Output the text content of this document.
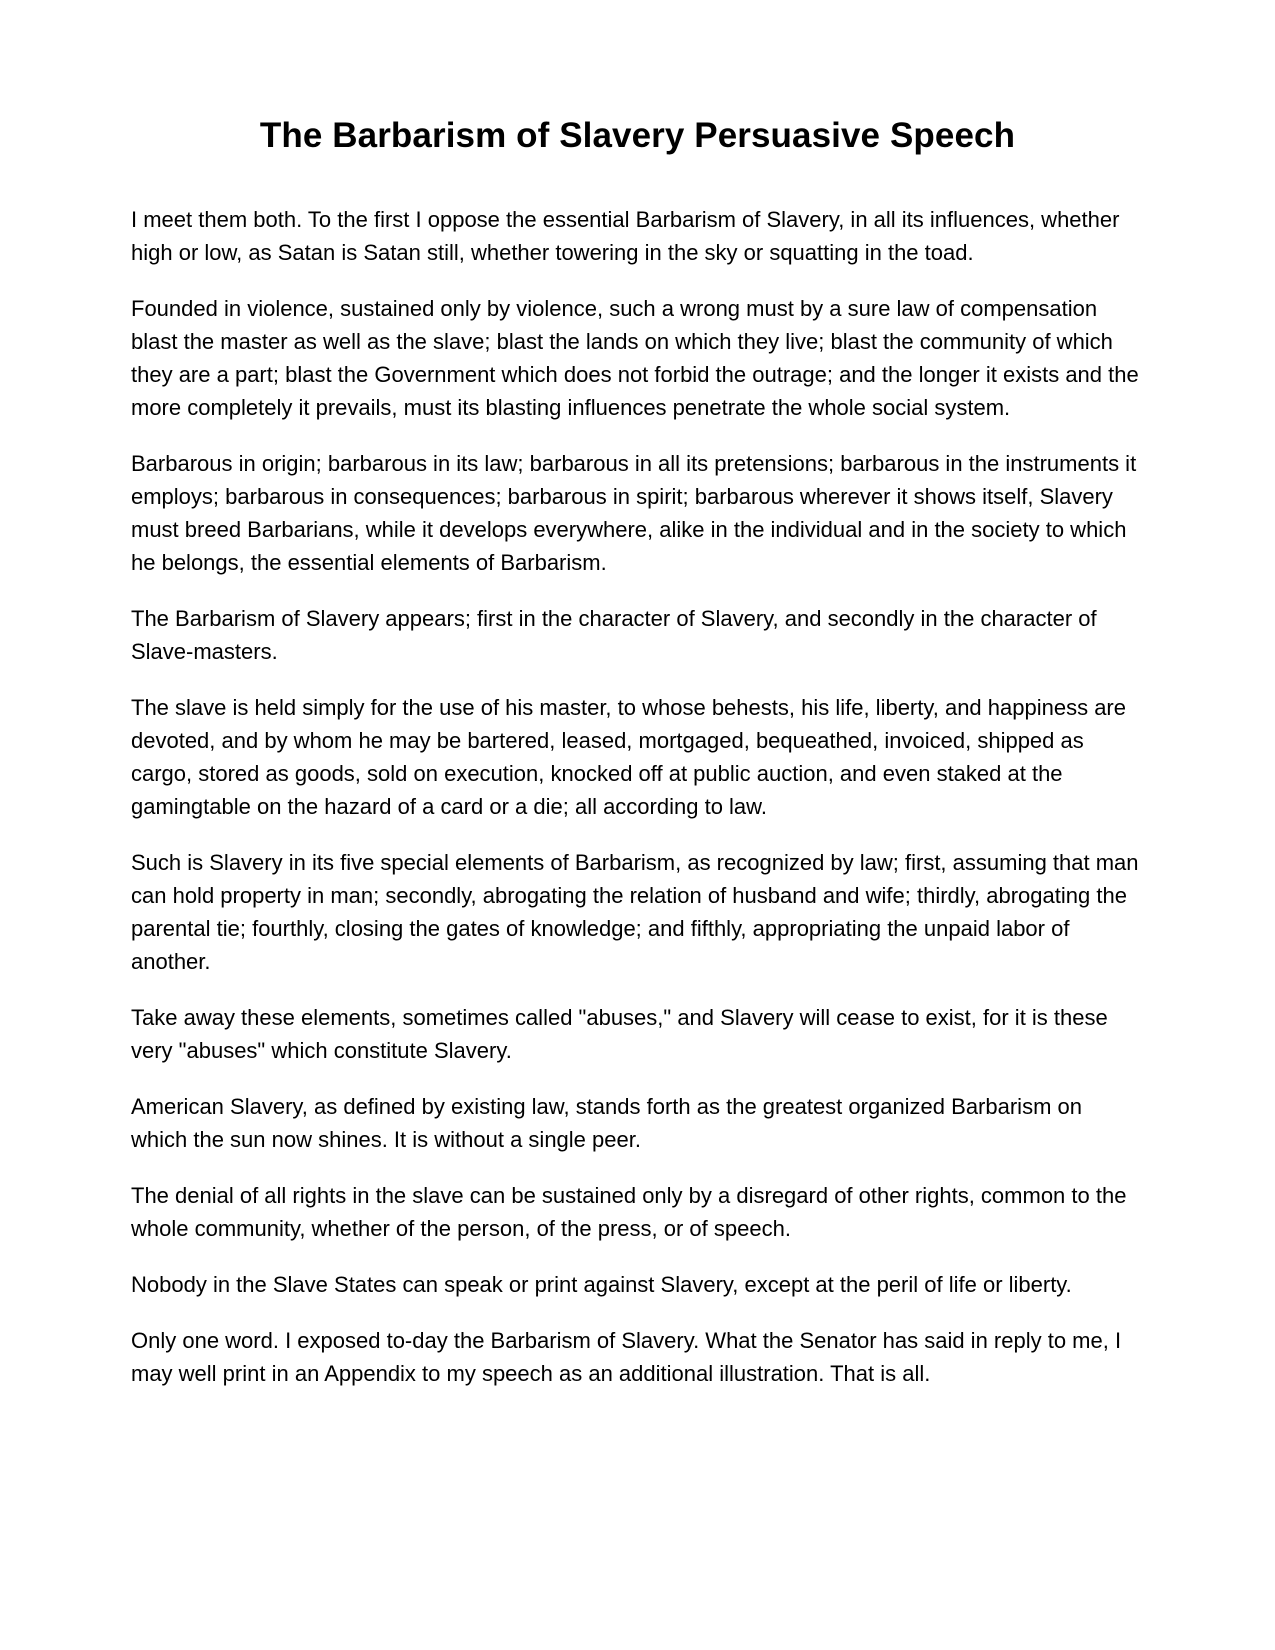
The Barbarism of Slavery Persuasive Speech

I meet them both. To the first I oppose the essential Barbarism of Slavery, in all its influences, whether high or low, as Satan is Satan still, whether towering in the sky or squatting in the toad.

Founded in violence, sustained only by violence, such a wrong must by a sure law of compensation blast the master as well as the slave; blast the lands on which they live; blast the community of which they are a part; blast the Government which does not forbid the outrage; and the longer it exists and the more completely it prevails, must its blasting influences penetrate the whole social system.

Barbarous in origin; barbarous in its law; barbarous in all its pretensions; barbarous in the instruments it employs; barbarous in consequences; barbarous in spirit; barbarous wherever it shows itself, Slavery must breed Barbarians, while it develops everywhere, alike in the individual and in the society to which he belongs, the essential elements of Barbarism.

The Barbarism of Slavery appears; first in the character of Slavery, and secondly in the character of Slave-masters.

The slave is held simply for the use of his master, to whose behests, his life, liberty, and happiness are devoted, and by whom he may be bartered, leased, mortgaged, bequeathed, invoiced, shipped as cargo, stored as goods, sold on execution, knocked off at public auction, and even staked at the gamingtable on the hazard of a card or a die; all according to law.

Such is Slavery in its five special elements of Barbarism, as recognized by law; first, assuming that man can hold property in man; secondly, abrogating the relation of husband and wife; thirdly, abrogating the parental tie; fourthly, closing the gates of knowledge; and fifthly, appropriating the unpaid labor of another.

Take away these elements, sometimes called "abuses," and Slavery will cease to exist, for it is these very "abuses" which constitute Slavery.

American Slavery, as defined by existing law, stands forth as the greatest organized Barbarism on which the sun now shines. It is without a single peer.

The denial of all rights in the slave can be sustained only by a disregard of other rights, common to the whole community, whether of the person, of the press, or of speech.

Nobody in the Slave States can speak or print against Slavery, except at the peril of life or liberty.

Only one word. I exposed to-day the Barbarism of Slavery. What the Senator has said in reply to me, I may well print in an Appendix to my speech as an additional illustration. That is all.
